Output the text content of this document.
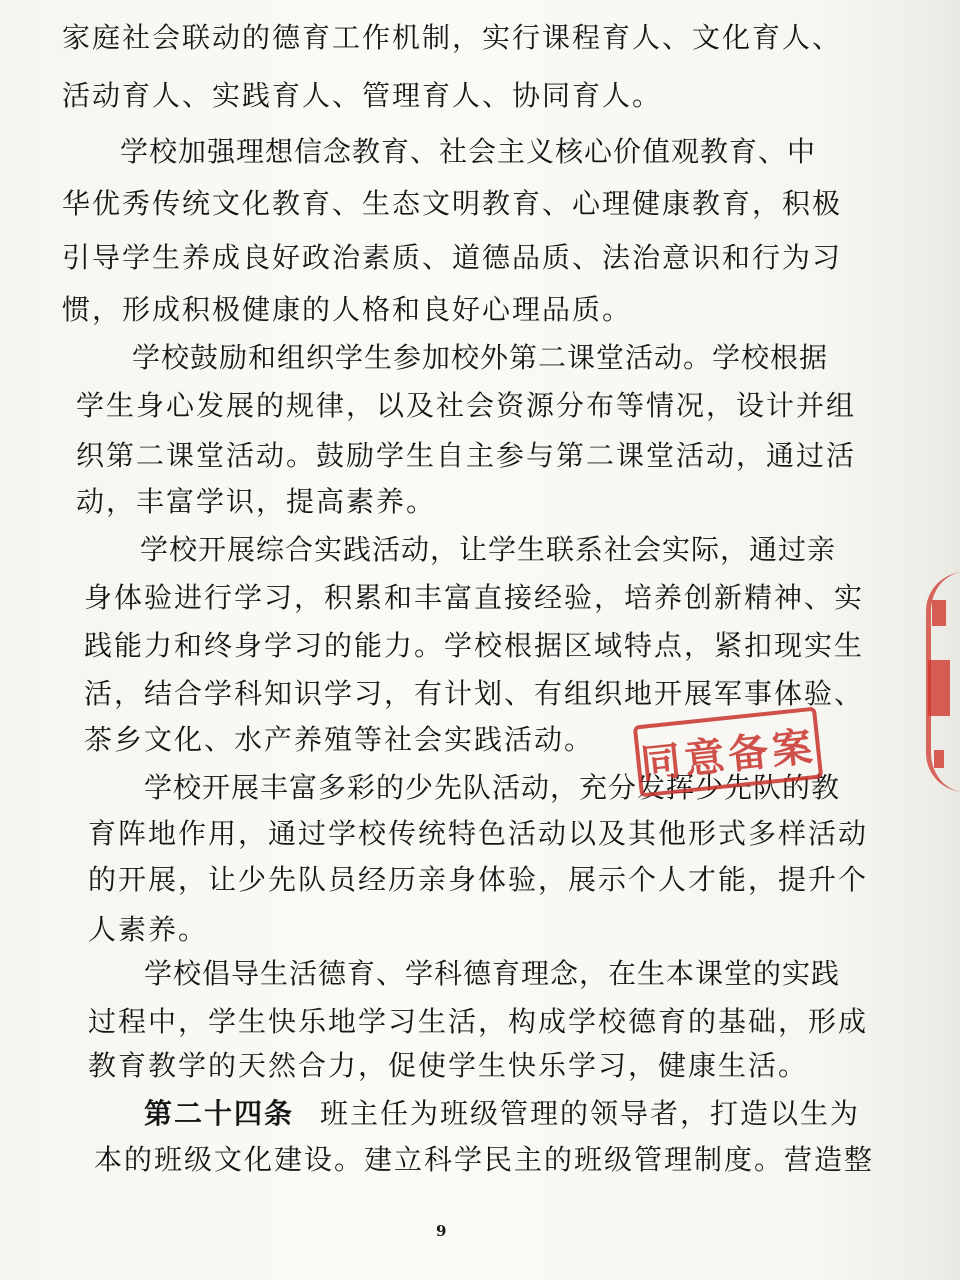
家庭社会联动的德育工作机制，实行课程育人、文化育人、
活动育人、实践育人、管理育人、协同育人。
学校加强理想信念教育、社会主义核心价值观教育、中
华优秀传统文化教育、生态文明教育、心理健康教育，积极
引导学生养成良好政治素质、道德品质、法治意识和行为习
惯，形成积极健康的人格和良好心理品质。
学校鼓励和组织学生参加校外第二课堂活动。学校根据
学生身心发展的规律，以及社会资源分布等情况，设计并组
织第二课堂活动。鼓励学生自主参与第二课堂活动，通过活
动，丰富学识，提高素养。
学校开展综合实践活动，让学生联系社会实际，通过亲
身体验进行学习，积累和丰富直接经验，培养创新精神、实
践能力和终身学习的能力。学校根据区域特点，紧扣现实生
活，结合学科知识学习，有计划、有组织地开展军事体验、
茶乡文化、水产养殖等社会实践活动。
学校开展丰富多彩的少先队活动，充分发挥少先队的教
育阵地作用，通过学校传统特色活动以及其他形式多样活动
的开展，让少先队员经历亲身体验，展示个人才能，提升个
人素养。
学校倡导生活德育、学科德育理念，在生本课堂的实践
过程中，学生快乐地学习生活，构成学校德育的基础，形成
教育教学的天然合力，促使学生快乐学习，健康生活。
第二十四条 班主任为班级管理的领导者，打造以生为
本的班级文化建设。建立科学民主的班级管理制度。营造整
同意备案
9
